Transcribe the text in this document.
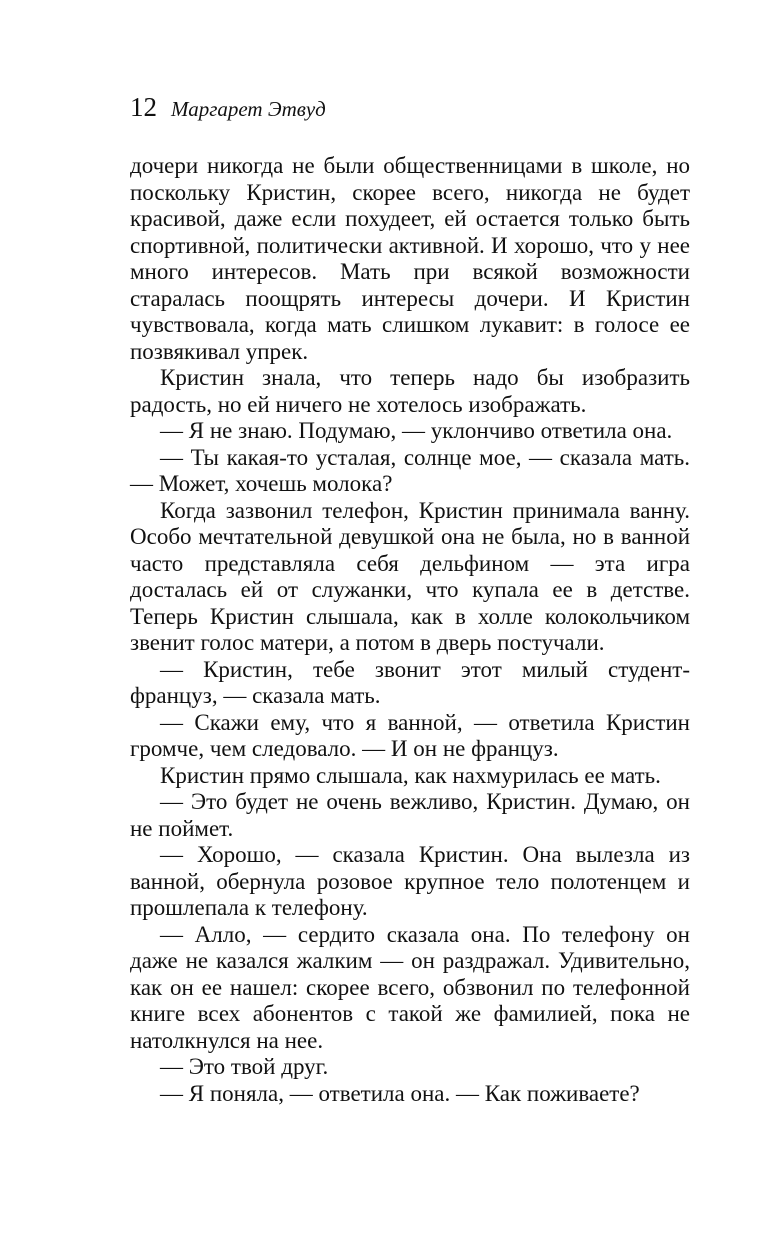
12 Маргарет Этвуд

дочери никогда не были общественницами в школе, но поскольку Кристин, скорее всего, никогда не будет красивой, даже если похудеет, ей остается только быть спортивной, политически активной. И хорошо, что у нее много интересов. Мать при всякой возможности старалась поощрять интересы дочери. И Кристин чувствовала, когда мать слишком лукавит: в голосе ее позвякивал упрек.

Кристин знала, что теперь надо бы изобразить радость, но ей ничего не хотелось изображать.

— Я не знаю. Подумаю, — уклончиво ответила она.

— Ты какая-то усталая, солнце мое, — сказала мать. — Может, хочешь молока?

Когда зазвонил телефон, Кристин принимала ванну. Особо мечтательной девушкой она не была, но в ванной часто представляла себя дельфином — эта игра досталась ей от служанки, что купала ее в детстве. Теперь Кристин слышала, как в холле колокольчиком звенит голос матери, а потом в дверь постучали.

— Кристин, тебе звонит этот милый студент-француз, — сказала мать.

— Скажи ему, что я ванной, — ответила Кристин громче, чем следовало. — И он не француз.

Кристин прямо слышала, как нахмурилась ее мать.

— Это будет не очень вежливо, Кристин. Думаю, он не поймет.

— Хорошо, — сказала Кристин. Она вылезла из ванной, обернула розовое крупное тело полотенцем и прошлепала к телефону.

— Алло, — сердито сказала она. По телефону он даже не казался жалким — он раздражал. Удивительно, как он ее нашел: скорее всего, обзвонил по телефонной книге всех абонентов с такой же фамилией, пока не натолкнулся на нее.

— Это твой друг.

— Я поняла, — ответила она. — Как поживаете?
